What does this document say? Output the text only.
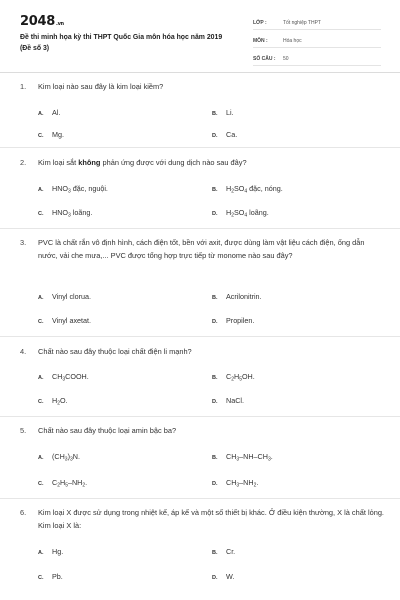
2048.vn
Đề thi minh họa kỳ thi THPT Quốc Gia môn hóa học năm 2019 (Đề số 3)
LỚP :	Tốt nghiệp THPT
MÔN :	Hóa học
SỐ CÂU :	50
1.	Kim loại nào sau đây là kim loại kiềm?
A.	Al.	B.	Li.
C.	Mg.	D.	Ca.
2.	Kim loại sắt không phản ứng được với dung dịch nào sau đây?
A.	$HNO_3$ đặc, nguội.	B.	$H_2SO_4$ đặc, nóng.
C.	$HNO_3$ loãng.	D.	$H_2SO_4$ loãng.
3.	PVC là chất rắn vô định hình, cách điện tốt, bền với axit, được dùng làm vật liệu cách điện, ống dẫn nước, vải che mưa,... PVC được tổng hợp trực tiếp từ monome nào sau đây?
A.	Vinyl clorua.	B.	Acrilonitrin.
C.	Vinyl axetat.	D.	Propilen.
4.	Chất nào sau đây thuộc loại chất điện li mạnh?
A.	$CH_3COOH$.	B.	$C_2H_5OH$.
C.	$H_2O$.	D.	NaCl.
5.	Chất nào sau đây thuộc loại amin bậc ba?
A.	$(CH_3)_3N$.	B.	$CH_3-NH-CH_3$.
C.	$C_2H_5-NH_2$.	D.	$CH_3-NH_2$.
6.	Kim loại X được sử dụng trong nhiệt kế, áp kế và một số thiết bị khác. Ở điều kiện thường, X là chất lỏng. Kim loại X là:
A.	Hg.	B.	Cr.
C.	Pb.	D.	W.
